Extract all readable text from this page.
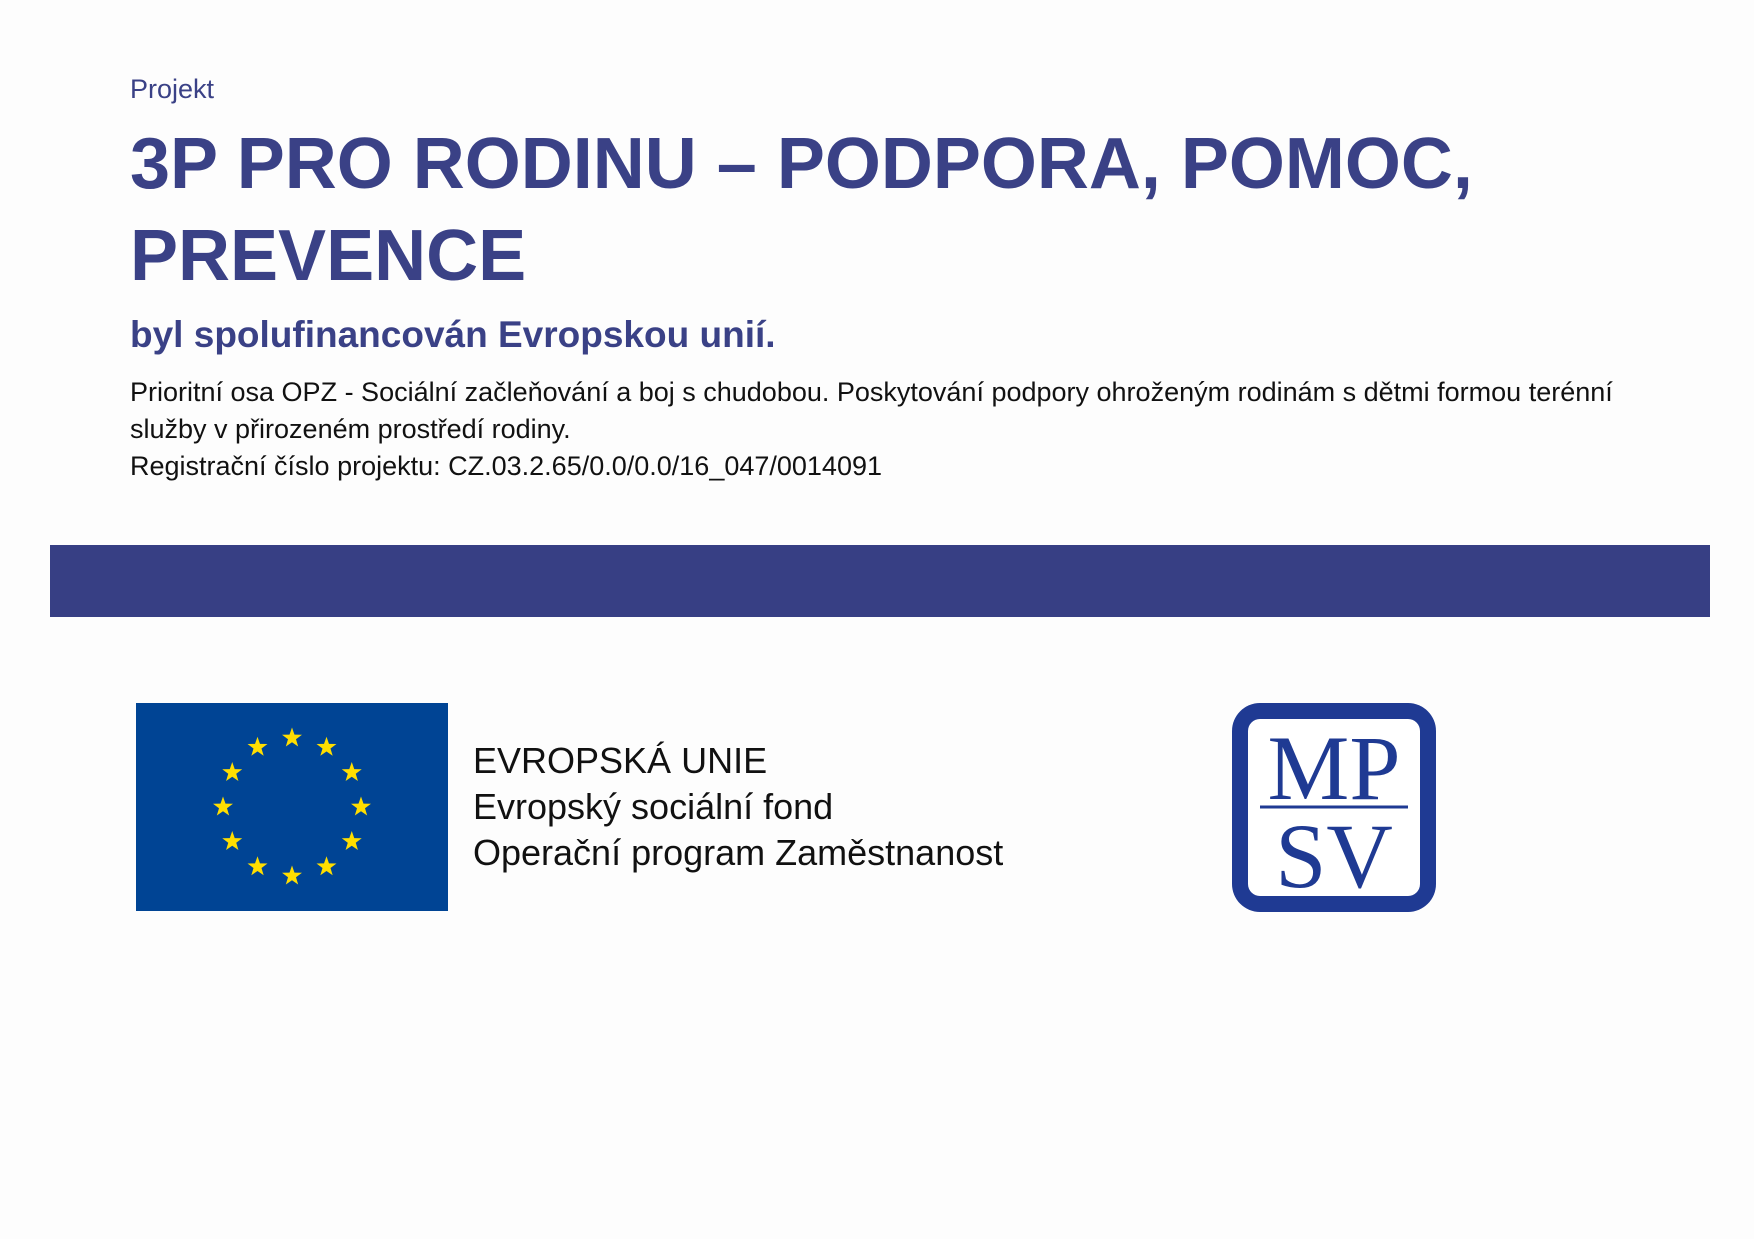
Projekt
3P PRO RODINU – PODPORA, POMOC, PREVENCE
byl spolufinancován Evropskou unií.

Prioritní osa OPZ - Sociální začleňování a boj s chudobou. Poskytování podpory ohroženým rodinám s dětmi formou terénní služby v přirozeném prostředí rodiny.

Registrační číslo projektu: CZ.03.2.65/0.0/0.0/16_047/0014091

EVROPSKÁ UNIE
Evropský sociální fond
Operační program Zaměstnanost
MP
SV
